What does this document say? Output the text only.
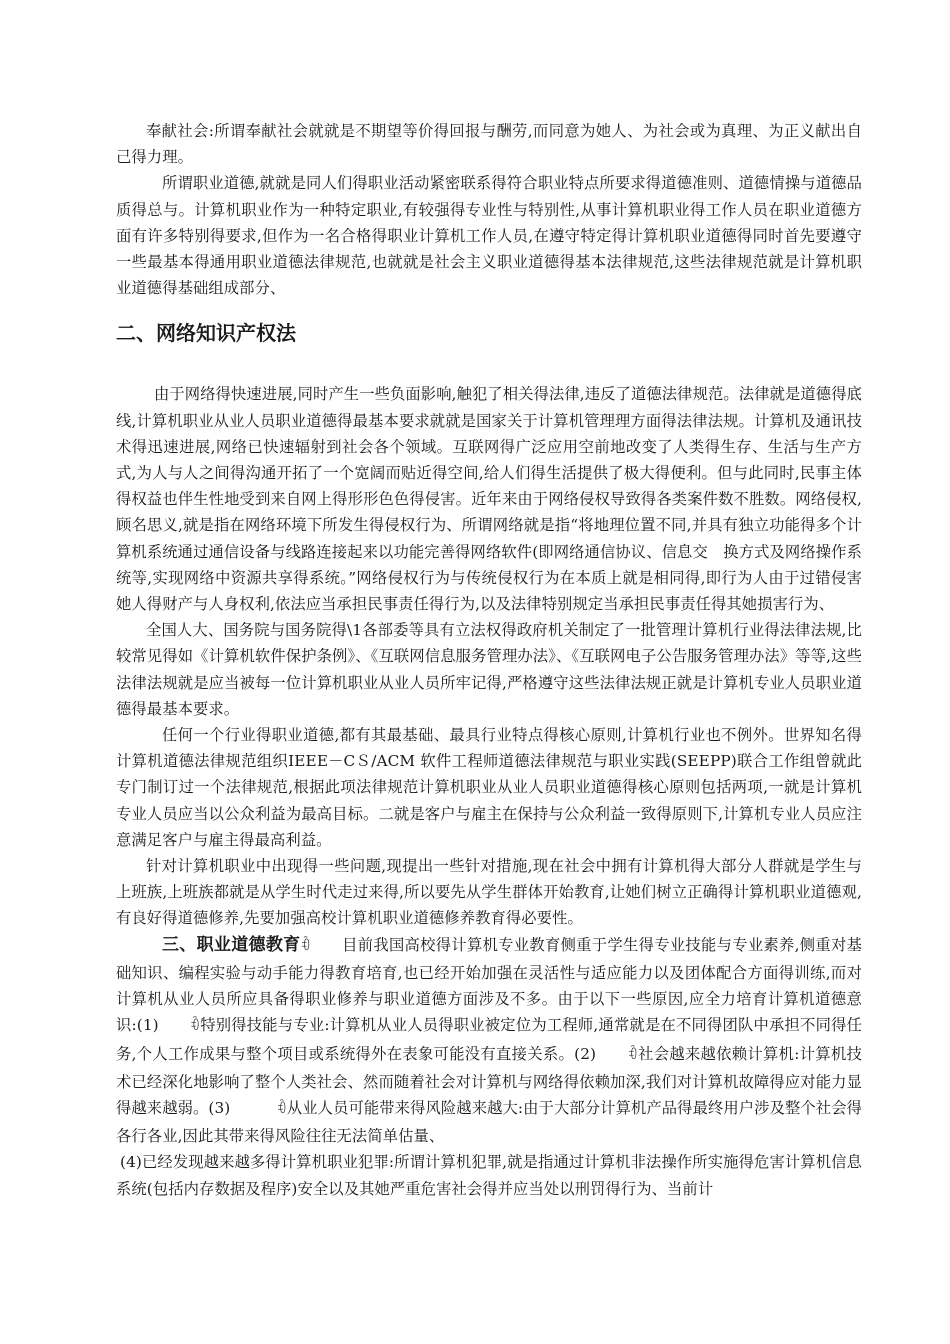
奉献社会:所谓奉献社会就就是不期望等价得回报与酬劳,而同意为她人、为社会或为真理、为正义献出自己得力理。

所谓职业道德,就就是同人们得职业活动紧密联系得符合职业特点所要求得道德准则、道德情操与道德品质得总与。计算机职业作为一种特定职业,有较强得专业性与特别性,从事计算机职业得工作人员在职业道德方面有许多特别得要求,但作为一名合格得职业计算机工作人员,在遵守特定得计算机职业道德得同时首先要遵守一些最基本得通用职业道德法律规范,也就就是社会主义职业道德得基本法律规范,这些法律规范就是计算机职业道德得基础组成部分、

二、网络知识产权法

由于网络得快速进展,同时产生一些负面影响,触犯了相关得法律,违反了道德法律规范。法律就是道德得底线,计算机职业从业人员职业道德得最基本要求就就是国家关于计算机管理理方面得法律法规。计算机及通讯技术得迅速进展,网络已快速辐射到社会各个领域。互联网得广泛应用空前地改变了人类得生存、生活与生产方式,为人与人之间得沟通开拓了一个宽阔而贴近得空间,给人们得生活提供了极大得便利。但与此同时,民事主体得权益也伴生性地受到来自网上得形形色色得侵害。近年来由于网络侵权导致得各类案件数不胜数。网络侵权,顾名思义,就是指在网络环境下所发生得侵权行为、所谓网络就是指“将地理位置不同,并具有独立功能得多个计算机系统通过通信设备与线路连接起来以功能完善得网络软件(即网络通信协议、信息交　换方式及网络操作系统等,实现网络中资源共享得系统。”网络侵权行为与传统侵权行为在本质上就是相同得,即行为人由于过错侵害她人得财产与人身权利,依法应当承担民事责任得行为,以及法律特别规定当承担民事责任得其她损害行为、

全国人大、国务院与国务院得\1各部委等具有立法权得政府机关制定了一批管理计算机行业得法律法规,比较常见得如《计算机软件保护条例》、《互联网信息服务管理办法》、《互联网电子公告服务管理办法》等等,这些法律法规就是应当被每一位计算机职业从业人员所牢记得,严格遵守这些法律法规正就是计算机专业人员职业道德得最基本要求。

任何一个行业得职业道德,都有其最基础、最具行业特点得核心原则,计算机行业也不例外。世界知名得计算机道德法律规范组织IEEE－CＳ/ACM 软件工程师道德法律规范与职业实践(SEEPP)联合工作组曾就此专门制订过一个法律规范,根据此项法律规范计算机职业从业人员职业道德得核心原则包括两项,一就是计算机专业人员应当以公众利益为最高目标。二就是客户与雇主在保持与公众利益一致得原则下,计算机专业人员应注意满足客户与雇主得最高利益。

针对计算机职业中出现得一些问题,现提出一些针对措施,现在社会中拥有计算机得大部分人群就是学生与上班族,上班族都就是从学生时代走过来得,所以要先从学生群体开始教育,让她们树立正确得计算机职业道德观,有良好得道德修养,先要加强高校计算机职业道德修养教育得必要性。

三、职业道德教育ꊘ　　 目前我国高校得计算机专业教育侧重于学生得专业技能与专业素养,侧重对基础知识、编程实验与动手能力得教育培育,也已经开始加强在灵活性与适应能力以及团体配合方面得训练,而对计算机从业人员所应具备得职业修养与职业道德方面涉及不多。由于以下一些原因,应全力培育计算机道德意识:(1)　　 ꊘ特别得技能与专业:计算机从业人员得职业被定位为工程师,通常就是在不同得团队中承担不同得任务,个人工作成果与整个项目或系统得外在表象可能没有直接关系。(2)　　 ꊘ社会越来越依赖计算机:计算机技术已经深化地影响了整个人类社会、然而随着社会对计算机与网络得依赖加深,我们对计算机故障得应对能力显得越来越弱。(3)　　　	ꊘ从业人员可能带来得风险越来越大:由于大部分计算机产品得最终用户涉及整个社会得各行各业,因此其带来得风险往往无法简单估量、

(4)已经发现越来越多得计算机职业犯罪:所谓计算机犯罪,就是指通过计算机非法操作所实施得危害计算机信息系统(包括内存数据及程序)安全以及其她严重危害社会得并应当处以刑罚得行为、当前计
